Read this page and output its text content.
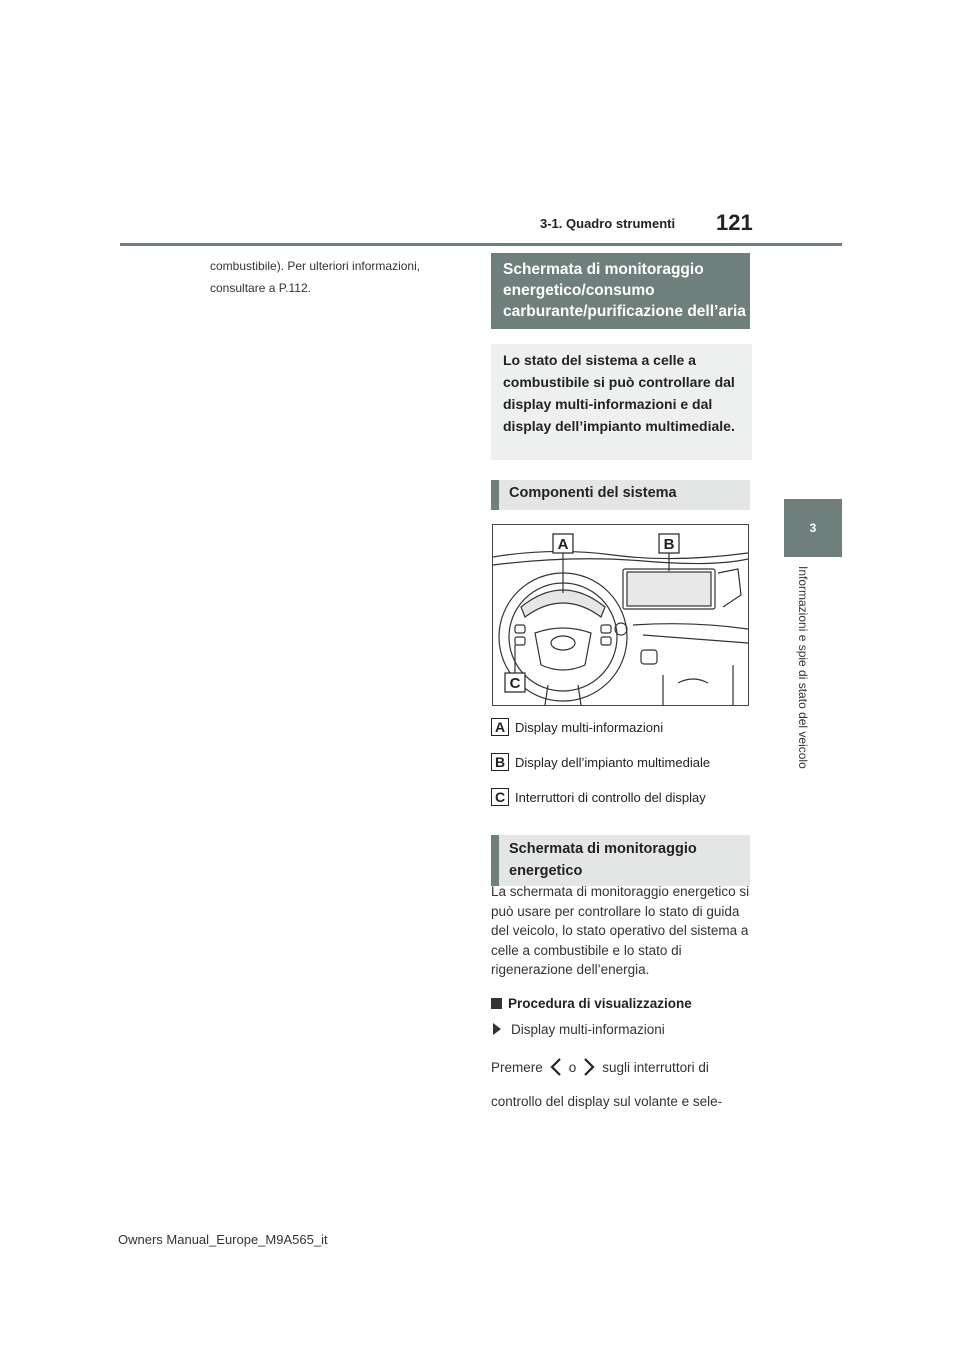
3-1. Quadro strumenti 121
3
Informazioni e spie di stato del veicolo
combustibile). Per ulteriori informazioni, consultare a P.112.
Schermata di monitoraggio energetico/consumo carburante/purificazione dell’aria
Lo stato del sistema a celle a combustibile si può controllare dal display multi-informazioni e dal display dell’impianto multimediale.
Componenti del sistema
A	B
C
A Display multi-informazioni
B Display dell’impianto multimediale
C Interruttori di controllo del display
Schermata di monitoraggio energetico
La schermata di monitoraggio energetico si può usare per controllare lo stato di guida del veicolo, lo stato operativo del sistema a celle a combustibile e lo stato di rigenerazione dell’energia.
Procedura di visualizzazione
Display multi-informazioni
Premere o sugli interruttori di
controllo del display sul volante e sele-
Owners Manual_Europe_M9A565_it
